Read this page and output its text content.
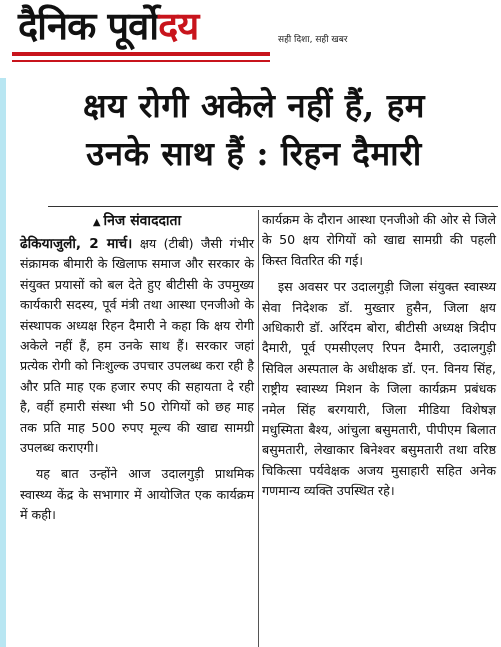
दैनिक पूर्वोदय	सही दिशा, सही खबर
क्षय रोगी अकेले नहीं हैं, हम
उनके साथ हैं : रिहन दैमारी
▲ निज संवाददाता

ढेकियाजुली, 2 मार्च। क्षय (टीबी) जैसी गंभीर संक्रामक बीमारी के खिलाफ समाज और सरकार के संयुक्त प्रयासों को बल देते हुए बीटीसी के उपमुख्य कार्यकारी सदस्य, पूर्व मंत्री तथा आस्था एनजीओ के संस्थापक अध्यक्ष रिहन दैमारी ने कहा कि क्षय रोगी अकेले नहीं हैं, हम उनके साथ हैं। सरकार जहां प्रत्येक रोगी को निःशुल्क उपचार उपलब्ध करा रही है और प्रति माह एक हजार रुपए की सहायता दे रही है, वहीं हमारी संस्था भी 50 रोगियों को छह माह तक प्रति माह 500 रुपए मूल्य की खाद्य सामग्री उपलब्ध कराएगी।

यह बात उन्होंने आज उदालगुड़ी प्राथमिक स्वास्थ्य केंद्र के सभागार में आयोजित एक कार्यक्रम में कही।

कार्यक्रम के दौरान आस्था एनजीओ की ओर से जिले के 50 क्षय रोगियों को खाद्य सामग्री की पहली किस्त वितरित की गई।

इस अवसर पर उदालगुड़ी जिला संयुक्त स्वास्थ्य सेवा निदेशक डॉ. मुख्तार हुसैन, जिला क्षय अधिकारी डॉ. अरिंदम बोरा, बीटीसी अध्यक्ष त्रिदीप दैमारी, पूर्व एमसीएलए रिपन दैमारी, उदालगुड़ी सिविल अस्पताल के अधीक्षक डॉ. एन. विनय सिंह, राष्ट्रीय स्वास्थ्य मिशन के जिला कार्यक्रम प्रबंधक नमेल सिंह बरगयारी, जिला मीडिया विशेषज्ञ मधुस्मिता बैश्य, आंचुला बसुमतारी, पीपीएम बिलात बसुमतारी, लेखाकार बिनेश्वर बसुमतारी तथा वरिष्ठ चिकित्सा पर्यवेक्षक अजय मुसाहारी सहित अनेक गणमान्य व्यक्ति उपस्थित रहे।
